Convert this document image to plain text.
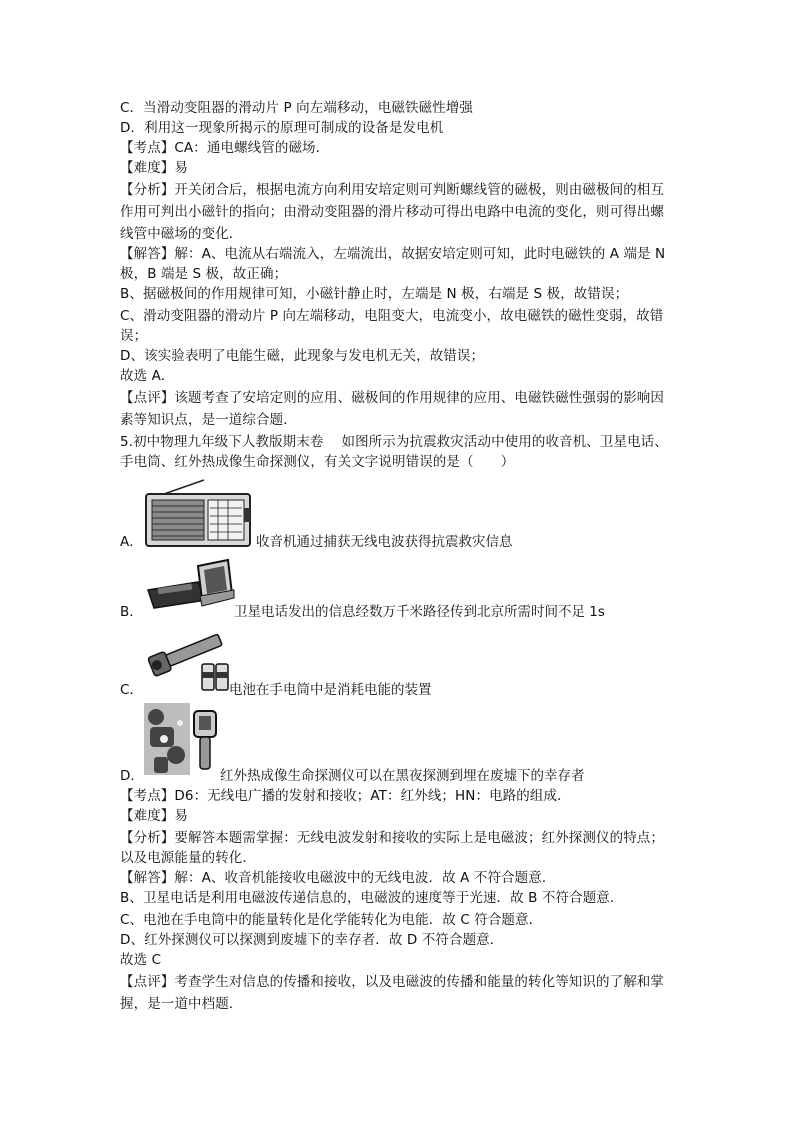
C．当滑动变阻器的滑动片 P 向左端移动，电磁铁磁性增强
D．利用这一现象所揭示的原理可制成的设备是发电机
【考点】CA：通电螺线管的磁场．
【难度】易
【分析】开关闭合后，根据电流方向利用安培定则可判断螺线管的磁极，则由磁极间的相互
作用可判出小磁针的指向；由滑动变阻器的滑片移动可得出电路中电流的变化，则可得出螺
线管中磁场的变化．
【解答】解：A、电流从右端流入，左端流出，故据安培定则可知，此时电磁铁的 A 端是 N
极，B 端是 S 极，故正确；
B、据磁极间的作用规律可知，小磁针静止时，左端是 N 极，右端是 S 极，故错误；
C、滑动变阻器的滑动片 P 向左端移动，电阻变大，电流变小，故电磁铁的磁性变弱，故错
误；
D、该实验表明了电能生磁，此现象与发电机无关，故错误；
故选 A．
【点评】该题考查了安培定则的应用、磁极间的作用规律的应用、电磁铁磁性强弱的影响因
素等知识点，是一道综合题．
5.初中物理九年级下人教版期末卷　 如图所示为抗震救灾活动中使用的收音机、卫星电话、
手电筒、红外热成像生命探测仪，有关文字说明错误的是（　　）
A．	收音机通过捕获无线电波获得抗震救灾信息
B．	卫星电话发出的信息经数万千米路径传到北京所需时间不足 1s
C．	电池在手电筒中是消耗电能的装置
D．	红外热成像生命探测仪可以在黑夜探测到埋在废墟下的幸存者
【考点】D6：无线电广播的发射和接收；AT：红外线；HN：电路的组成．
【难度】易
【分析】要解答本题需掌握：无线电波发射和接收的实际上是电磁波；红外探测仪的特点；
以及电源能量的转化．
【解答】解：A、收音机能接收电磁波中的无线电波．故 A 不符合题意．
B、卫星电话是利用电磁波传递信息的，电磁波的速度等于光速．故 B 不符合题意．
C、电池在手电筒中的能量转化是化学能转化为电能．故 C 符合题意．
D、红外探测仪可以探测到废墟下的幸存者．故 D 不符合题意．
故选 C
【点评】考查学生对信息的传播和接收，以及电磁波的传播和能量的转化等知识的了解和掌
握，是一道中档题．
